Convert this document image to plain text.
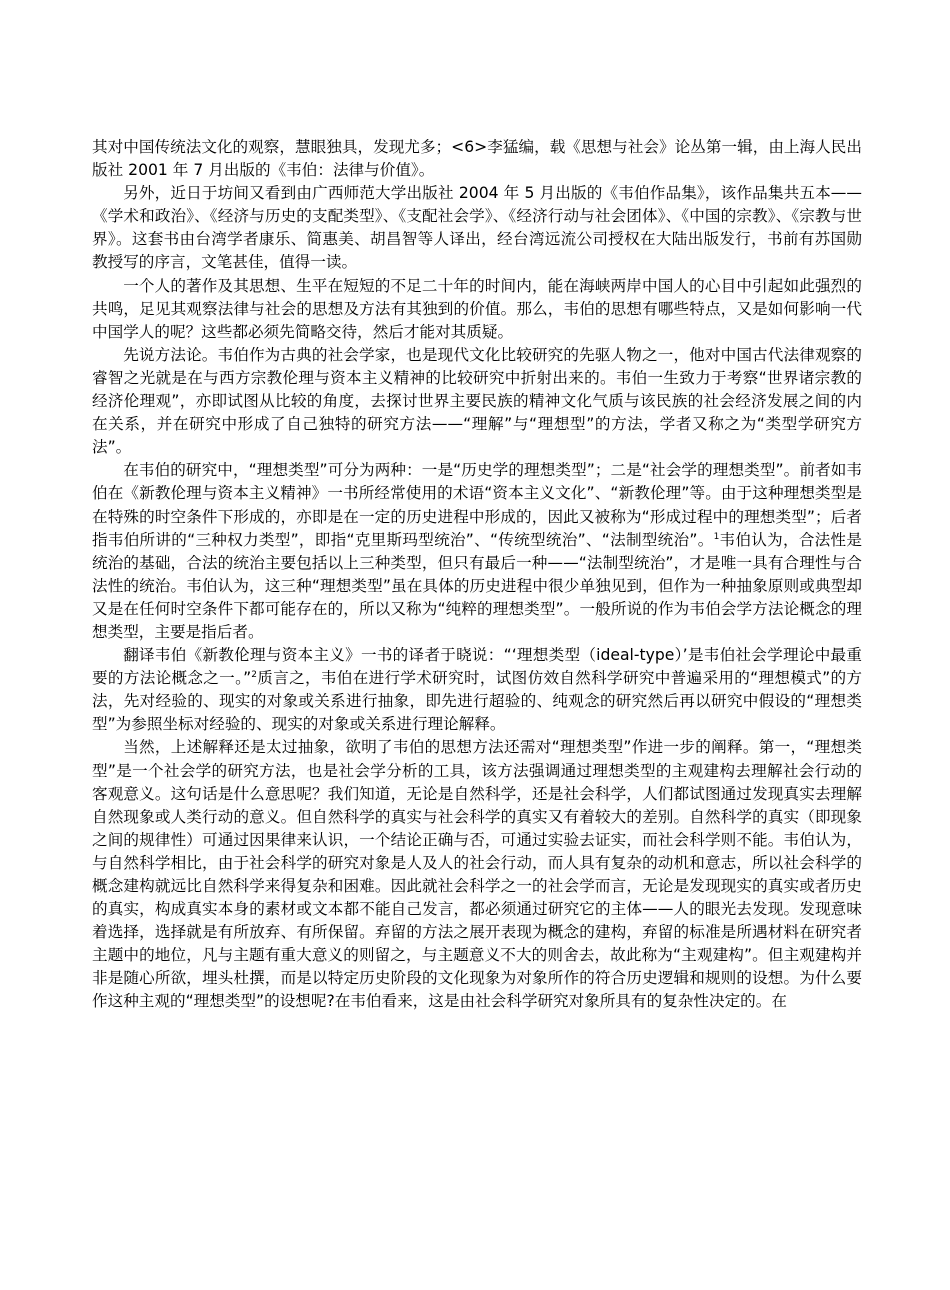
其对中国传统法文化的观察，慧眼独具，发现尤多；<6>李猛编，载《思想与社会》论丛第一辑，由上海人民出版社 2001 年 7 月出版的《韦伯：法律与价值》。

另外，近日于坊间又看到由广西师范大学出版社 2004 年 5 月出版的《韦伯作品集》，该作品集共五本——《学术和政治》、《经济与历史的支配类型》、《支配社会学》、《经济行动与社会团体》、《中国的宗教》、《宗教与世界》。这套书由台湾学者康乐、简惠美、胡昌智等人译出，经台湾远流公司授权在大陆出版发行，书前有苏国勋教授写的序言，文笔甚佳，值得一读。

一个人的著作及其思想、生平在短短的不足二十年的时间内，能在海峡两岸中国人的心目中引起如此强烈的共鸣，足见其观察法律与社会的思想及方法有其独到的价值。那么，韦伯的思想有哪些特点，又是如何影响一代中国学人的呢？这些都必须先简略交待，然后才能对其质疑。

先说方法论。韦伯作为古典的社会学家，也是现代文化比较研究的先驱人物之一，他对中国古代法律观察的睿智之光就是在与西方宗教伦理与资本主义精神的比较研究中折射出来的。韦伯一生致力于考察“世界诸宗教的经济伦理观”，亦即试图从比较的角度，去探讨世界主要民族的精神文化气质与该民族的社会经济发展之间的内在关系，并在研究中形成了自己独特的研究方法——“理解”与“理想型”的方法，学者又称之为“类型学研究方法”。

在韦伯的研究中，“理想类型”可分为两种：一是“历史学的理想类型”；二是“社会学的理想类型”。前者如韦伯在《新教伦理与资本主义精神》一书所经常使用的术语“资本主义文化”、“新教伦理”等。由于这种理想类型是在特殊的时空条件下形成的，亦即是在一定的历史进程中形成的，因此又被称为“形成过程中的理想类型”；后者指韦伯所讲的“三种权力类型”，即指“克里斯玛型统治”、“传统型统治”、“法制型统治”。$^1$韦伯认为，合法性是统治的基础，合法的统治主要包括以上三种类型，但只有最后一种——“法制型统治”，才是唯一具有合理性与合法性的统治。韦伯认为，这三种“理想类型”虽在具体的历史进程中很少单独见到，但作为一种抽象原则或典型却又是在任何时空条件下都可能存在的，所以又称为“纯粹的理想类型”。一般所说的作为韦伯会学方法论概念的理想类型，主要是指后者。

翻译韦伯《新教伦理与资本主义》一书的译者于晓说：“‘理想类型（ideal-type）’是韦伯社会学理论中最重要的方法论概念之一。”$^2$质言之，韦伯在进行学术研究时，试图仿效自然科学研究中普遍采用的“理想模式”的方法，先对经验的、现实的对象或关系进行抽象，即先进行超验的、纯观念的研究然后再以研究中假设的“理想类型”为参照坐标对经验的、现实的对象或关系进行理论解释。

当然，上述解释还是太过抽象，欲明了韦伯的思想方法还需对“理想类型”作进一步的阐释。第一，“理想类型”是一个社会学的研究方法，也是社会学分析的工具，该方法强调通过理想类型的主观建构去理解社会行动的客观意义。这句话是什么意思呢？我们知道，无论是自然科学，还是社会科学，人们都试图通过发现真实去理解自然现象或人类行动的意义。但自然科学的真实与社会科学的真实又有着较大的差别。自然科学的真实（即现象之间的规律性）可通过因果律来认识，一个结论正确与否，可通过实验去证实，而社会科学则不能。韦伯认为，与自然科学相比，由于社会科学的研究对象是人及人的社会行动，而人具有复杂的动机和意志，所以社会科学的概念建构就远比自然科学来得复杂和困难。因此就社会科学之一的社会学而言，无论是发现现实的真实或者历史的真实，构成真实本身的素材或文本都不能自己发言，都必须通过研究它的主体——人的眼光去发现。发现意味着选择，选择就是有所放弃、有所保留。弃留的方法之展开表现为概念的建构，弃留的标准是所遇材料在研究者主题中的地位，凡与主题有重大意义的则留之，与主题意义不大的则舍去，故此称为“主观建构”。但主观建构并非是随心所欲，埋头杜撰，而是以特定历史阶段的文化现象为对象所作的符合历史逻辑和规则的设想。为什么要作这种主观的“理想类型”的设想呢?在韦伯看来，这是由社会科学研究对象所具有的复杂性决定的。在
